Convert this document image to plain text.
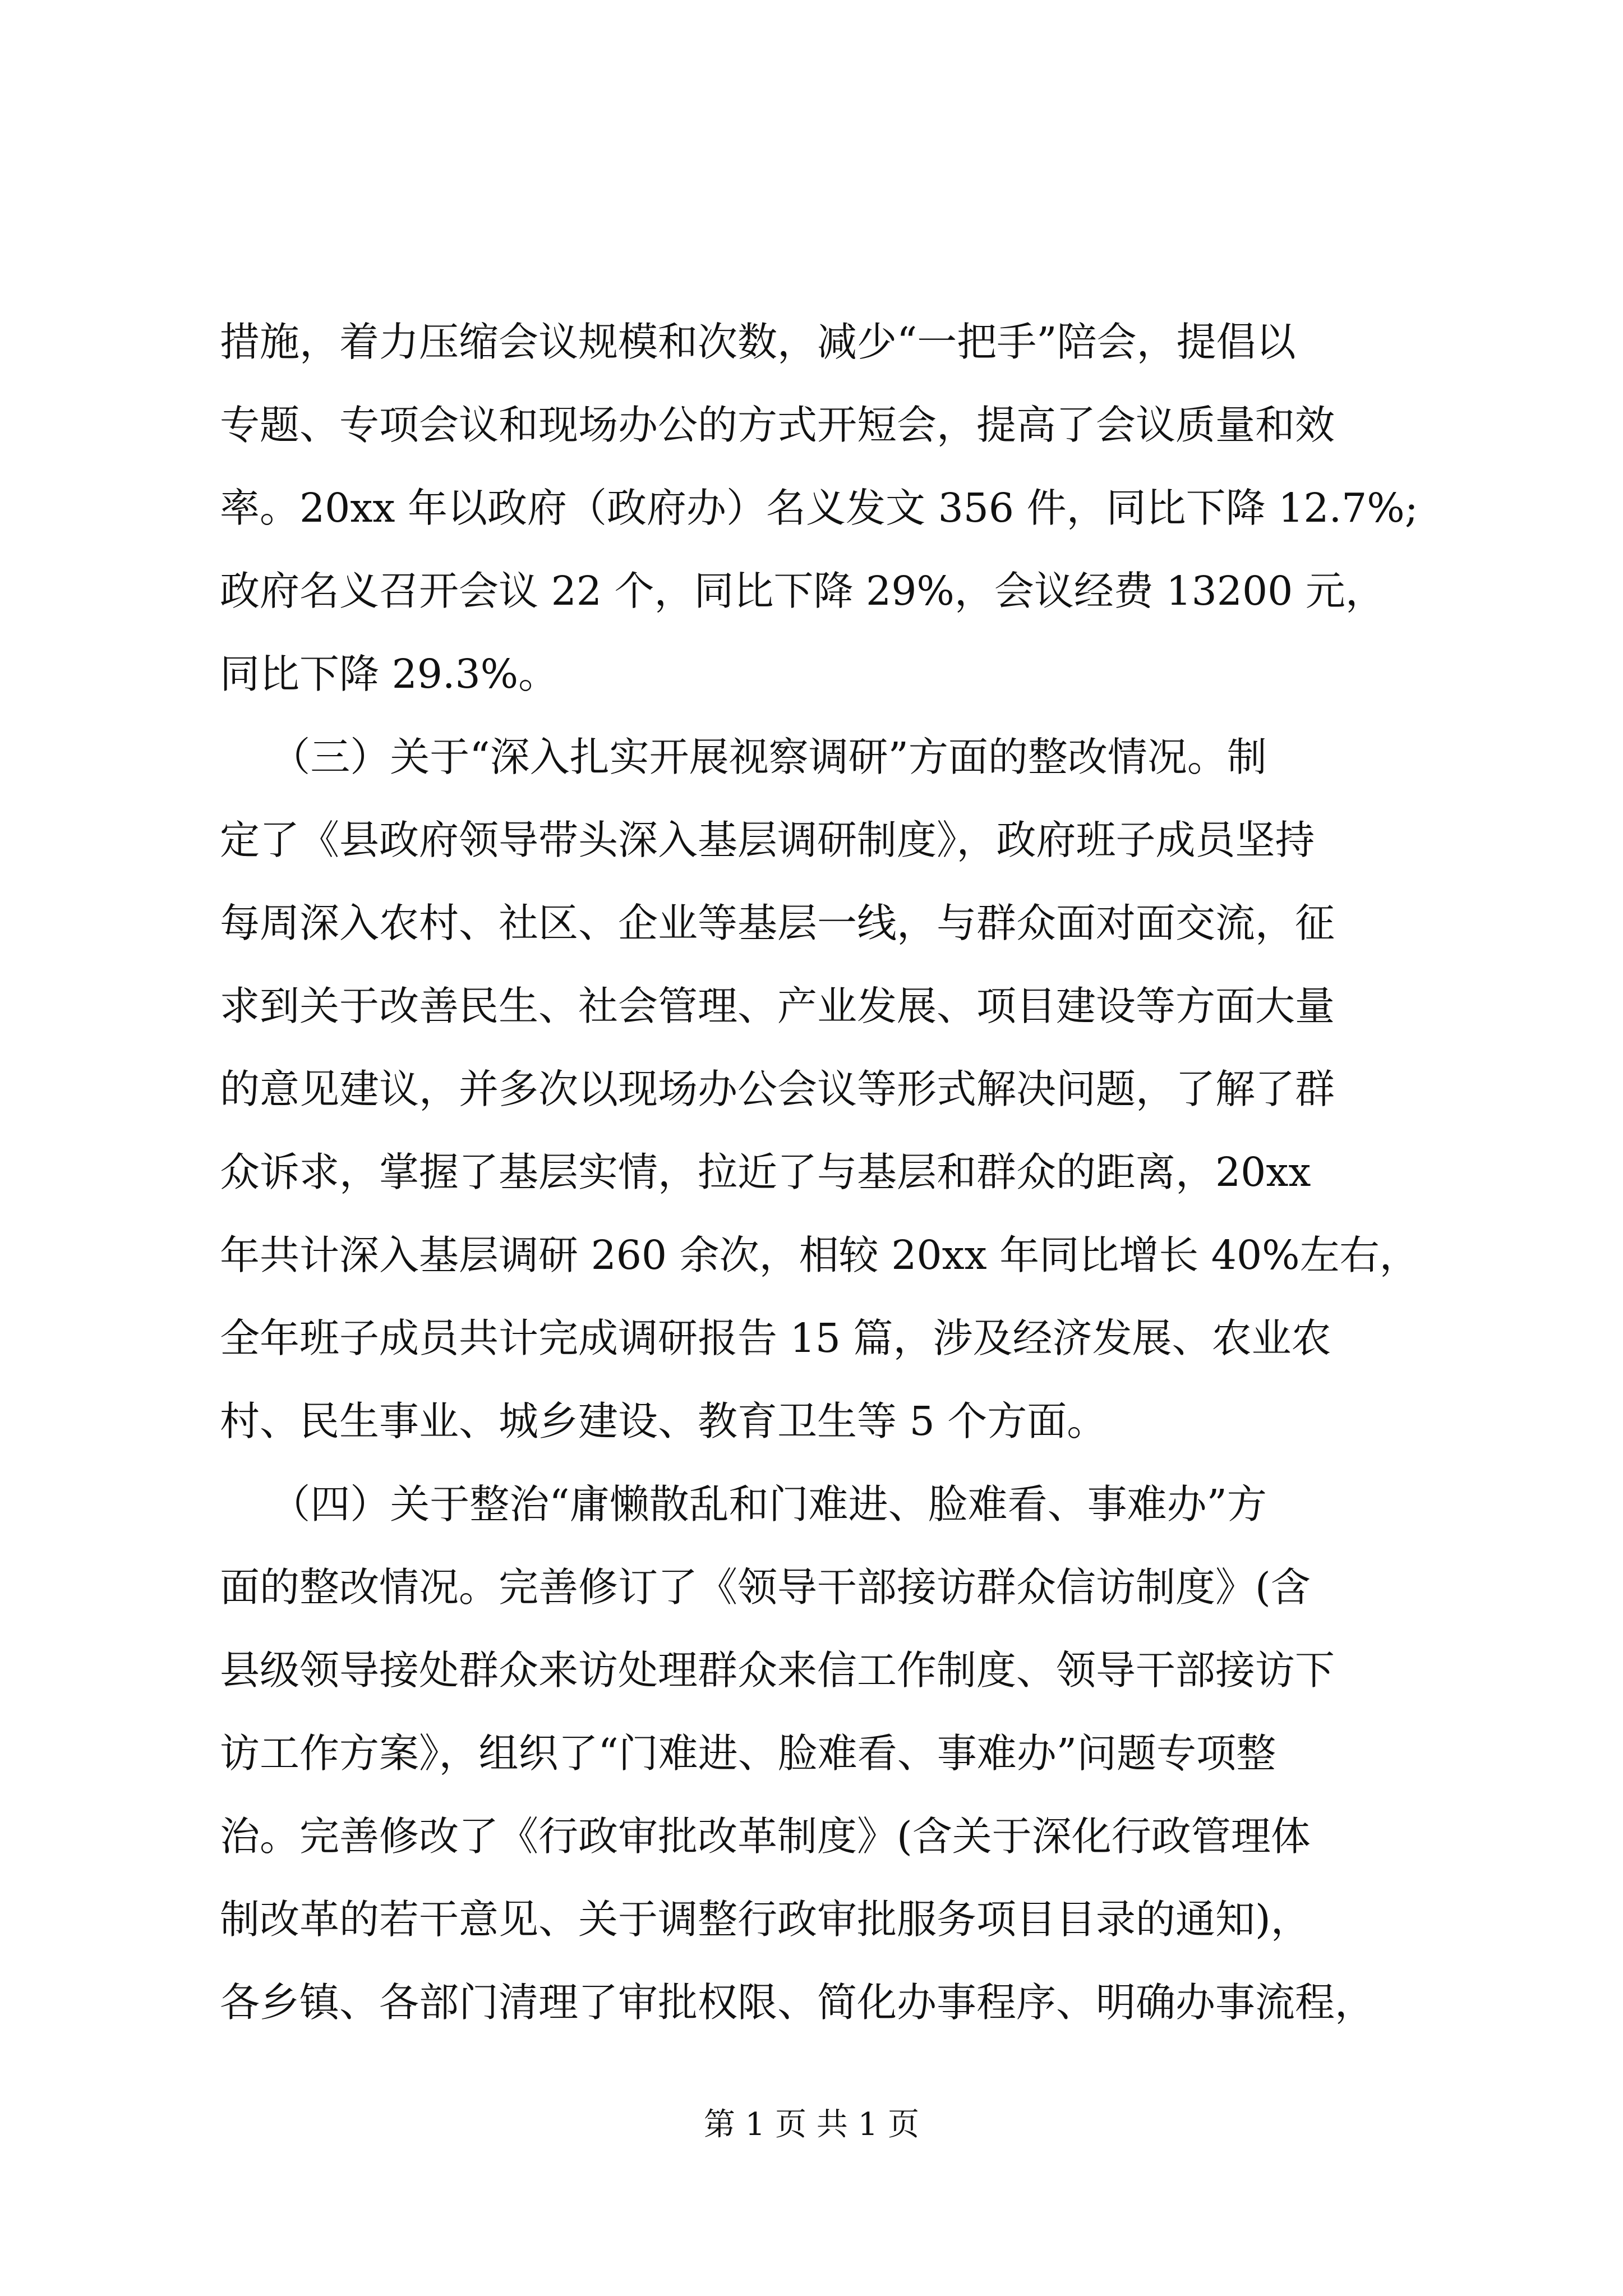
措施，着力压缩会议规模和次数，减少“一把手”陪会，提倡以
专题、专项会议和现场办公的方式开短会，提高了会议质量和效
率。20xx 年以政府（政府办）名义发文 356 件，同比下降 12.7%;
政府名义召开会议 22 个，同比下降 29%，会议经费 13200 元，
同比下降 29.3%。
（三）关于“深入扎实开展视察调研”方面的整改情况。制
定了《县政府领导带头深入基层调研制度》，政府班子成员坚持
每周深入农村、社区、企业等基层一线，与群众面对面交流，征
求到关于改善民生、社会管理、产业发展、项目建设等方面大量
的意见建议，并多次以现场办公会议等形式解决问题，了解了群
众诉求，掌握了基层实情，拉近了与基层和群众的距离，20xx
年共计深入基层调研 260 余次，相较 20xx 年同比增长 40%左右，
全年班子成员共计完成调研报告 15 篇，涉及经济发展、农业农
村、民生事业、城乡建设、教育卫生等 5 个方面。
（四）关于整治“庸懒散乱和门难进、脸难看、事难办”方
面的整改情况。完善修订了《领导干部接访群众信访制度》(含
县级领导接处群众来访处理群众来信工作制度、领导干部接访下
访工作方案》，组织了“门难进、脸难看、事难办”问题专项整
治。完善修改了《行政审批改革制度》(含关于深化行政管理体
制改革的若干意见、关于调整行政审批服务项目目录的通知)，
各乡镇、各部门清理了审批权限、简化办事程序、明确办事流程，
第 1 页 共 1 页
